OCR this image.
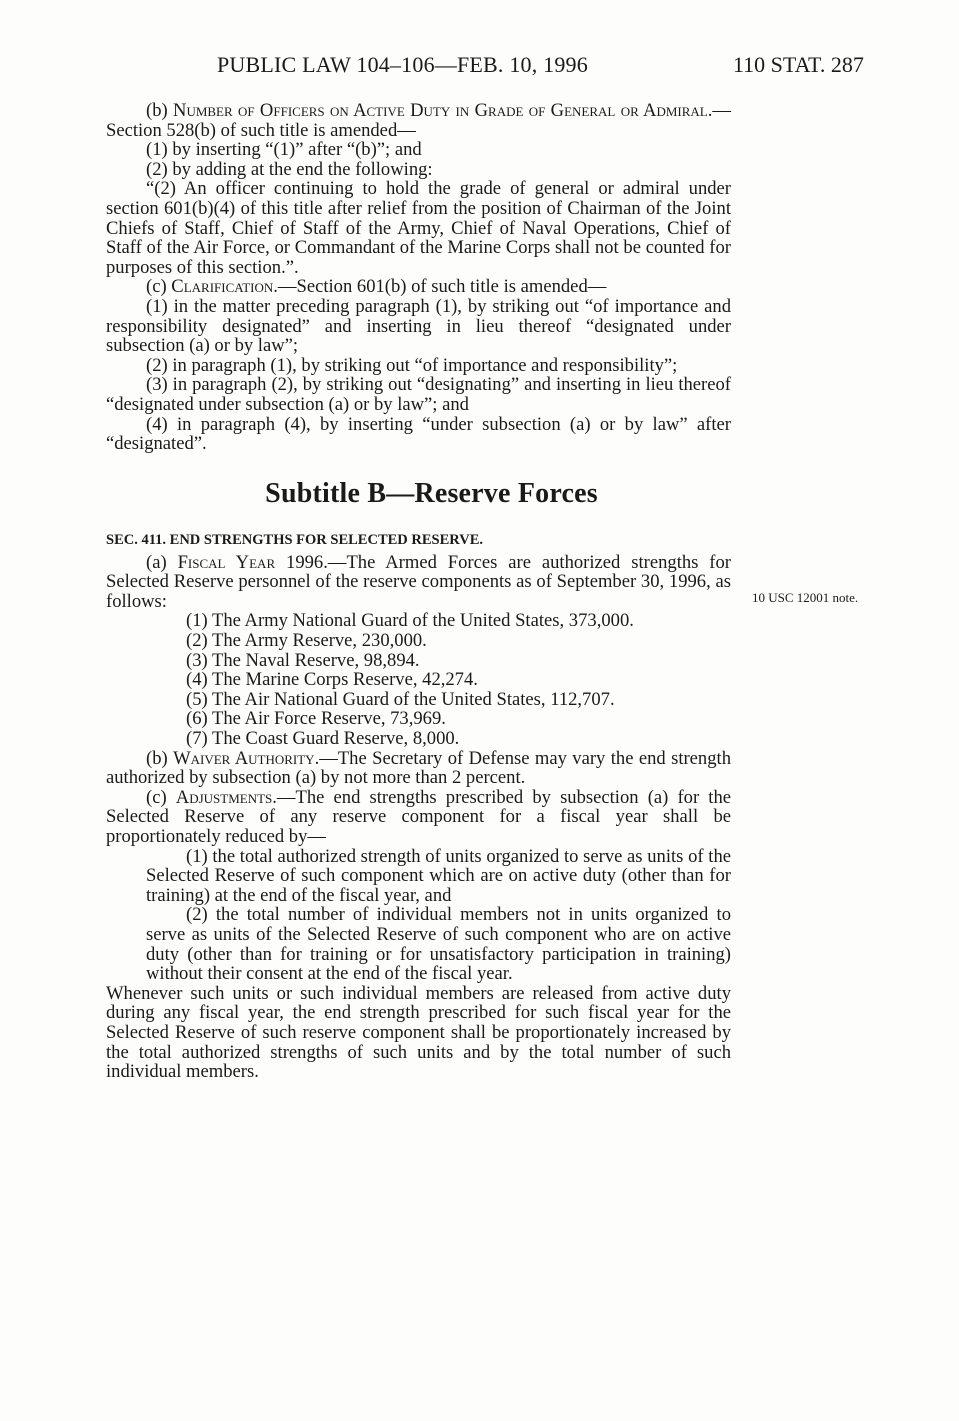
PUBLIC LAW 104–106—FEB. 10, 1996	110 STAT. 287
10 USC 12001 note.

(b) Number of Officers on Active Duty in Grade of General or Admiral.—Section 528(b) of such title is amended—

(1) by inserting “(1)” after “(b)”; and

(2) by adding at the end the following:

“(2) An officer continuing to hold the grade of general or admiral under section 601(b)(4) of this title after relief from the position of Chairman of the Joint Chiefs of Staff, Chief of Staff of the Army, Chief of Naval Operations, Chief of Staff of the Air Force, or Commandant of the Marine Corps shall not be counted for purposes of this section.”.

(c) Clarification.—Section 601(b) of such title is amended—

(1) in the matter preceding paragraph (1), by striking out “of importance and responsibility designated” and inserting in lieu thereof “designated under subsection (a) or by law”;

(2) in paragraph (1), by striking out “of importance and responsibility”;

(3) in paragraph (2), by striking out “designating” and inserting in lieu thereof “designated under subsection (a) or by law”; and

(4) in paragraph (4), by inserting “under subsection (a) or by law” after “designated”.

Subtitle B—Reserve Forces

SEC. 411. END STRENGTHS FOR SELECTED RESERVE.

(a) Fiscal Year 1996.—The Armed Forces are authorized strengths for Selected Reserve personnel of the reserve components as of September 30, 1996, as follows:

(1) The Army National Guard of the United States, 373,000.

(2) The Army Reserve, 230,000.

(3) The Naval Reserve, 98,894.

(4) The Marine Corps Reserve, 42,274.

(5) The Air National Guard of the United States, 112,707.

(6) The Air Force Reserve, 73,969.

(7) The Coast Guard Reserve, 8,000.

(b) Waiver Authority.—The Secretary of Defense may vary the end strength authorized by subsection (a) by not more than 2 percent.

(c) Adjustments.—The end strengths prescribed by subsection (a) for the Selected Reserve of any reserve component for a fiscal year shall be proportionately reduced by—

(1) the total authorized strength of units organized to serve as units of the Selected Reserve of such component which are on active duty (other than for training) at the end of the fiscal year, and

(2) the total number of individual members not in units organized to serve as units of the Selected Reserve of such component who are on active duty (other than for training or for unsatisfactory participation in training) without their consent at the end of the fiscal year.

Whenever such units or such individual members are released from active duty during any fiscal year, the end strength prescribed for such fiscal year for the Selected Reserve of such reserve component shall be proportionately increased by the total authorized strengths of such units and by the total number of such individual members.
